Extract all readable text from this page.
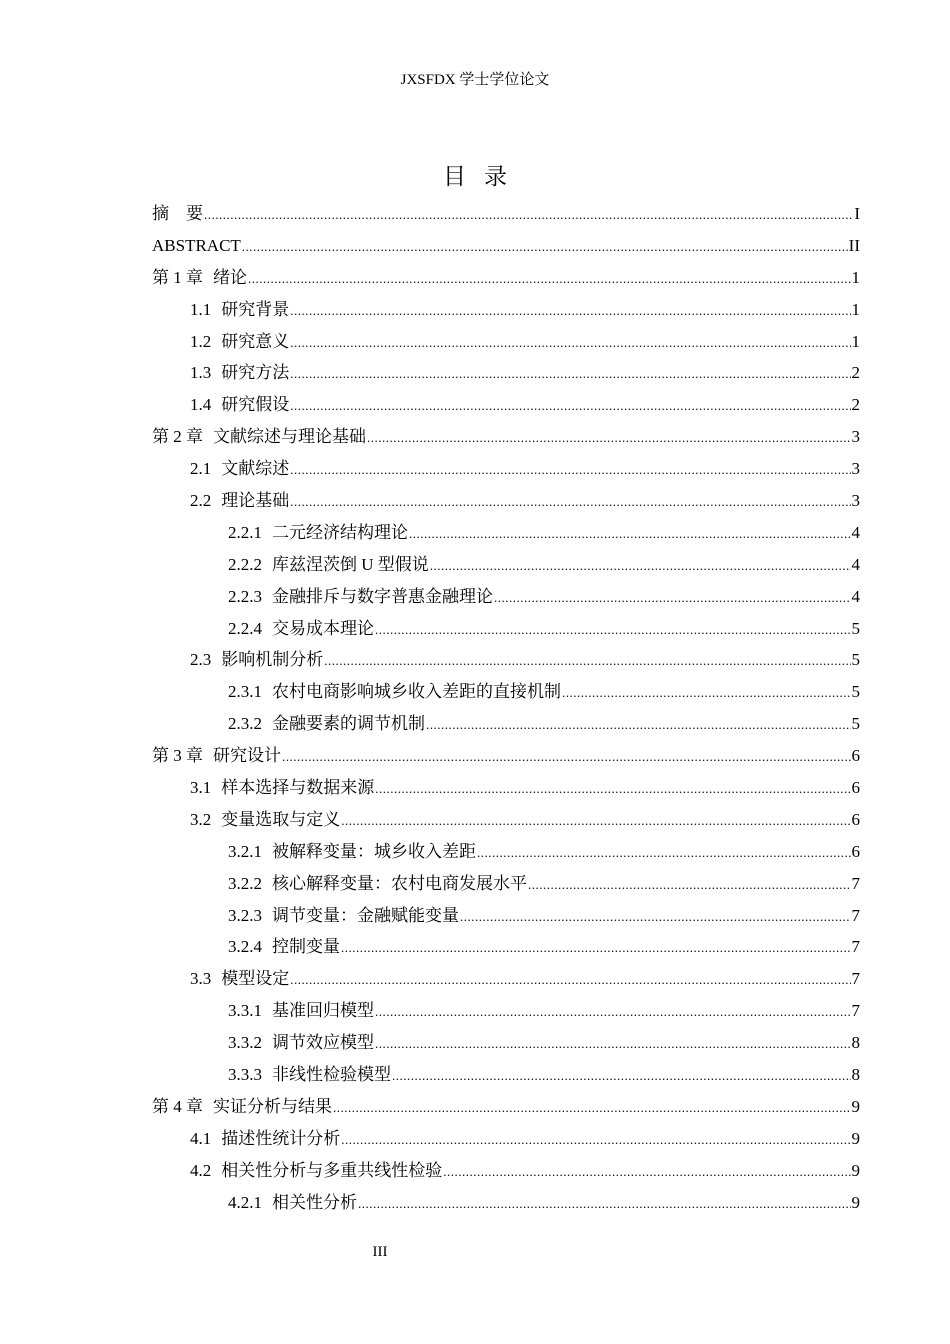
JXSFDX 学士学位论文
目录
摘　要 .....	I
ABSTRACT .....	II
第 1 章 绪论 .....	1
1.1 研究背景 .....	1
1.2 研究意义 .....	1
1.3 研究方法 .....	2
1.4 研究假设 .....	2
第 2 章 文献综述与理论基础 .....	3
2.1 文献综述 .....	3
2.2 理论基础 .....	3
2.2.1 二元经济结构理论 .....	4
2.2.2 库兹涅茨倒 U 型假说 .....	4
2.2.3 金融排斥与数字普惠金融理论 .....	4
2.2.4 交易成本理论 .....	5
2.3 影响机制分析 .....	5
2.3.1 农村电商影响城乡收入差距的直接机制 .....	5
2.3.2 金融要素的调节机制 .....	5
第 3 章 研究设计 .....	6
3.1 样本选择与数据来源 .....	6
3.2 变量选取与定义 .....	6
3.2.1 被解释变量：城乡收入差距 .....	6
3.2.2 核心解释变量：农村电商发展水平 .....	7
3.2.3 调节变量：金融赋能变量 .....	7
3.2.4 控制变量 .....	7
3.3 模型设定 .....	7
3.3.1 基准回归模型 .....	7
3.3.2 调节效应模型 .....	8
3.3.3 非线性检验模型 .....	8
第 4 章 实证分析与结果 .....	9
4.1 描述性统计分析 .....	9
4.2 相关性分析与多重共线性检验 .....	9
4.2.1 相关性分析 .....	9
III
